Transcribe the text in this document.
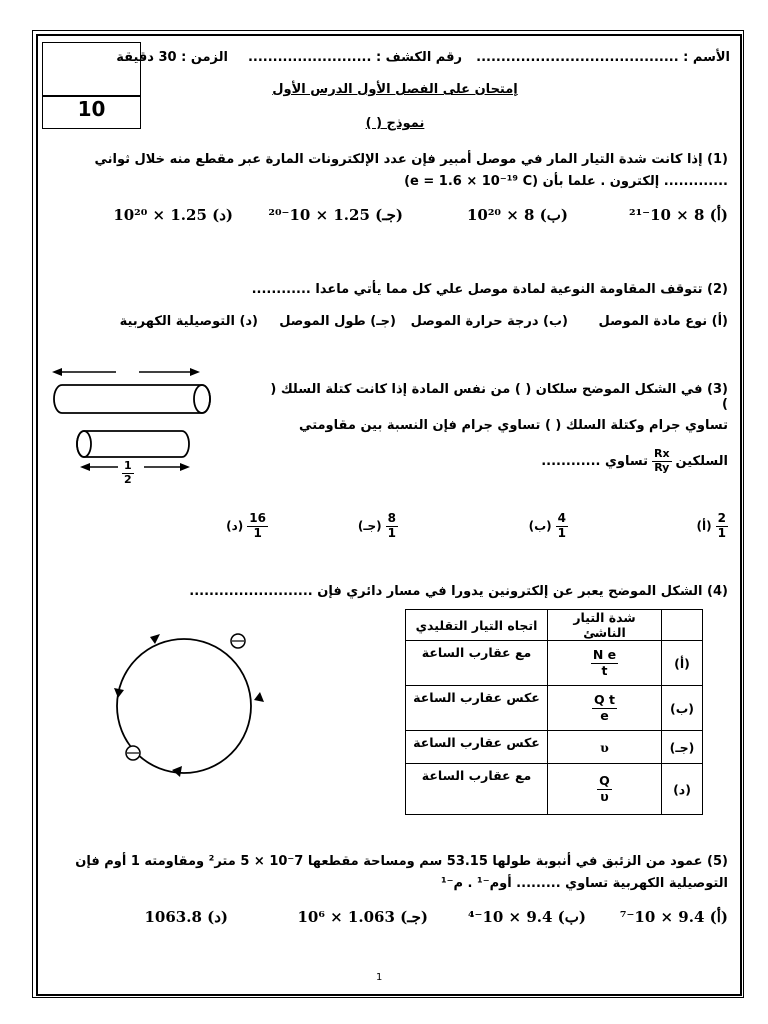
10
الأسم : .........................................
رقم الكشف : .........................
الزمن : 30 دقيقة
إمتحان على الفصل الأول الدرس الأول
نموذج ( )
(1) إذا كانت شدة التيار المار في موصل أمبير فإن عدد الإلكترونات المارة عبر مقطع منه خلال ثواني
............. إلكترون . علما بأن (e = 1.6 × 10⁻¹⁹ C)
(أ) 8 × 10⁻²¹
(ب) 8 × 10²⁰
(جـ) 1.25 × 10⁻²⁰
(د) 1.25 × 10²⁰
(2) تتوقف المقاومة النوعية لمادة موصل علي كل مما يأتي ماعدا ............
(أ) نوع مادة الموصل
(ب) درجة حرارة الموصل
(جـ) طول الموصل
(د) التوصيلية الكهربية
(3) في الشكل الموضح سلكان ( ) من نفس المادة إذا كانت كتلة السلك ( )
تساوي جرام وكتلة السلك ( ) تساوي جرام فإن النسبة بين مقاومتي
السلكين
$\frac{Rx}{Ry}$
تساوي ............
$\frac{1}{2}$
(أ) $\frac{2}{1}$
(ب) $\frac{4}{1}$
(جـ) $\frac{8}{1}$
(د) $\frac{16}{1}$
(4) الشكل الموضح يعبر عن إلكترونين يدورا في مسار دائري فإن .........................
	شدة التيار الناشئ	اتجاه التيار التقليدي
(أ)	$\frac{\text{N e}}{t}$	مع عقارب الساعة
(ب)	$\frac{\text{Q t}}{e}$	عكس عقارب الساعة
(جـ)	υ	عكس عقارب الساعة
(د)	$\frac{Q}{\upsilon}$	مع عقارب الساعة
(5) عمود من الزئبق في أنبوبة طولها 53.15 سم ومساحة مقطعها 7⁻10 × 5 متر² ومقاومته 1 أوم فإن
التوصيلية الكهربية تساوي ......... أوم⁻¹ . م⁻¹
(أ) 9.4 × 10⁻⁷
(ب) 9.4 × 10⁻⁴
(جـ) 1.063 × 10⁶
(د) 1063.8
1
